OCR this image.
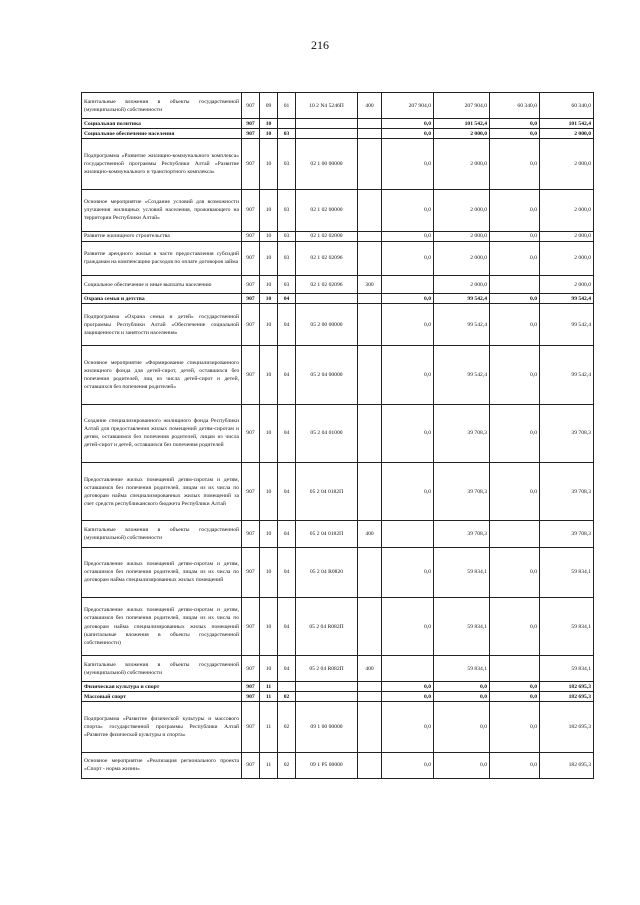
216
Капитальные вложения в объекты государственной (муниципальной) собственности	907	09	01	10 2 N4 5246П	400	207 904,0	207 904,0	60 340,0	60 340,0
Социальная политика	907	10				0,0	101 542,4	0,0	101 542,4
Социальное обеспечение населения	907	10	03			0,0	2 000,0	0,0	2 000,0
Подпрограмма «Развитие жилищно-коммунального комплекса» государственной программы Республики Алтай «Развитие жилищно-коммунального и транспортного комплекса»	907	10	03	02 1 00 00000		0,0	2 000,0	0,0	2 000,0
Основное мероприятие «Создание условий для возможности улучшения жилищных условий населения, проживающего на территории Республики Алтай»	907	10	03	02 1 02 00000		0,0	2 000,0	0,0	2 000,0
Развитие жилищного строительства	907	10	03	02 1 02 02000		0,0	2 000,0	0,0	2 000,0
Развитие арендного жилья в части предоставления субсидий гражданам на компенсацию расходов по оплате договоров займа	907	10	03	02 1 02 02096		0,0	2 000,0	0,0	2 000,0
Социальное обеспечение и иные выплаты населению	907	10	03	02 1 02 02096	300		2 000,0		2 000,0
Охрана семьи и детства	907	10	04			0,0	99 542,4	0,0	99 542,4
Подпрограмма «Охрана семьи и детей» государственной программы Республики Алтай «Обеспечение социальной защищенности и занятости населения»	907	10	04	05 2 00 00000		0,0	99 542,4	0,0	99 542,4
Основное мероприятие «Формирование специализированного жилищного фонда для детей-сирот, детей, оставшихся без попечения родителей, лиц из числа детей-сирот и детей, оставшихся без попечения родителей»	907	10	04	05 2 04 00000		0,0	99 542,4	0,0	99 542,4
Создание специализированного жилищного фонда Республики Алтай для предоставления жилых помещений детям-сиротам и детям, оставшимся без попечения родителей, лицам из числа детей-сирот и детей, оставшихся без попечения родителей	907	10	04	05 2 04 01000		0,0	39 708,3	0,0	39 708,3
Предоставление жилых помещений детям-сиротам и детям, оставшимся без попечения родителей, лицам из их числа по договорам найма специализированных жилых помещений за счет средств республиканского бюджета Республики Алтай	907	10	04	05 2 04 0182П		0,0	39 708,3	0,0	39 708,3
Капитальные вложения в объекты государственной (муниципальной) собственности	907	10	04	05 2 04 0182П	400		39 708,3		39 708,3
Предоставление жилых помещений детям-сиротам и детям, оставшимся без попечения родителей, лицам из их числа по договорам найма специализированных жилых помещений	907	10	04	05 2 04 R0820		0,0	59 834,1	0,0	59 834,1
Предоставление жилых помещений детям-сиротам и детям, оставшимся без попечения родителей, лицам из их числа по договорам найма специализированных жилых помещений (капитальные вложения в объекты государственной собственности)	907	10	04	05 2 04 R082П		0,0	59 834,1	0,0	59 834,1
Капитальные вложения в объекты государственной (муниципальной) собственности	907	10	04	05 2 04 R082П	400		59 834,1		59 834,1
Физическая культура и спорт	907	11				0,0	0,0	0,0	182 695,3
Массовый спорт	907	11	02			0,0	0,0	0,0	182 695,3
Подпрограмма «Развитие физической культуры и массового спорта» государственной программы Республики Алтай «Развитие физической культуры и спорта»	907	11	02	09 1 00 00000		0,0	0,0	0,0	182 695,3
Основное мероприятие «Реализация регионального проекта «Спорт - норма жизни»	907	11	02	09 1 P5 00000		0,0	0,0	0,0	182 695,3
